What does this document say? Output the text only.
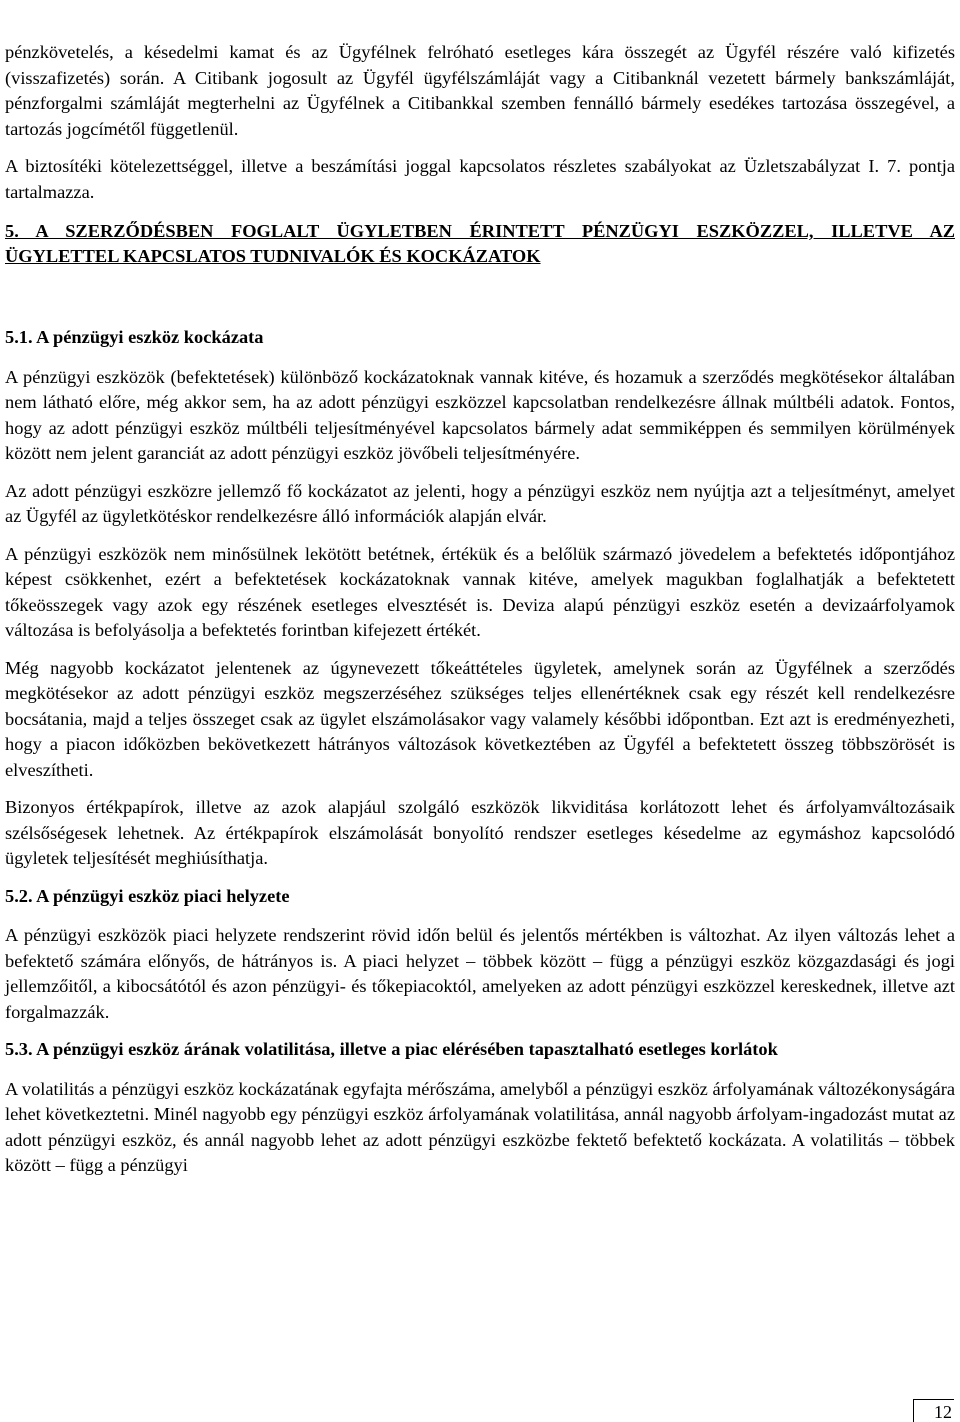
pénzkövetelés, a késedelmi kamat és az Ügyfélnek felróható esetleges kára összegét az Ügyfél részére való kifizetés (visszafizetés) során. A Citibank jogosult az Ügyfél ügyfélszámláját vagy a Citibanknál vezetett bármely bankszámláját, pénzforgalmi számláját megterhelni az Ügyfélnek a Citibankkal szemben fennálló bármely esedékes tartozása összegével, a tartozás jogcímétől függetlenül.

A biztosítéki kötelezettséggel, illetve a beszámítási joggal kapcsolatos részletes szabályokat az Üzletszabályzat I. 7. pontja tartalmazza.

5. A SZERZŐDÉSBEN FOGLALT ÜGYLETBEN ÉRINTETT PÉNZÜGYI ESZKÖZZEL, ILLETVE AZ ÜGYLETTEL KAPCSLATOS TUDNIVALÓK ÉS KOCKÁZATOK
5.1. A pénzügyi eszköz kockázata

A pénzügyi eszközök (befektetések) különböző kockázatoknak vannak kitéve, és hozamuk a szerződés megkötésekor általában nem látható előre, még akkor sem, ha az adott pénzügyi eszközzel kapcsolatban rendelkezésre állnak múltbéli adatok. Fontos, hogy az adott pénzügyi eszköz múltbéli teljesítményével kapcsolatos bármely adat semmiképpen és semmilyen körülmények között nem jelent garanciát az adott pénzügyi eszköz jövőbeli teljesítményére.

Az adott pénzügyi eszközre jellemző fő kockázatot az jelenti, hogy a pénzügyi eszköz nem nyújtja azt a teljesítményt, amelyet az Ügyfél az ügyletkötéskor rendelkezésre álló információk alapján elvár.

A pénzügyi eszközök nem minősülnek lekötött betétnek, értékük és a belőlük származó jövedelem a befektetés időpontjához képest csökkenhet, ezért a befektetések kockázatoknak vannak kitéve, amelyek magukban foglalhatják a befektetett tőkeösszegek vagy azok egy részének esetleges elvesztését is. Deviza alapú pénzügyi eszköz esetén a devizaárfolyamok változása is befolyásolja a befektetés forintban kifejezett értékét.

Még nagyobb kockázatot jelentenek az úgynevezett tőkeáttételes ügyletek, amelynek során az Ügyfélnek a szerződés megkötésekor az adott pénzügyi eszköz megszerzéséhez szükséges teljes ellenértéknek csak egy részét kell rendelkezésre bocsátania, majd a teljes összeget csak az ügylet elszámolásakor vagy valamely későbbi időpontban. Ezt azt is eredményezheti, hogy a piacon időközben bekövetkezett hátrányos változások következtében az Ügyfél a befektetett összeg többszörösét is elveszítheti.

Bizonyos értékpapírok, illetve az azok alapjául szolgáló eszközök likviditása korlátozott lehet és árfolyamváltozásaik szélsőségesek lehetnek. Az értékpapírok elszámolását bonyolító rendszer esetleges késedelme az egymáshoz kapcsolódó ügyletek teljesítését meghiúsíthatja.

5.2. A pénzügyi eszköz piaci helyzete

A pénzügyi eszközök piaci helyzete rendszerint rövid időn belül és jelentős mértékben is változhat. Az ilyen változás lehet a befektető számára előnyős, de hátrányos is. A piaci helyzet – többek között – függ a pénzügyi eszköz közgazdasági és jogi jellemzőitől, a kibocsátótól és azon pénzügyi- és tőkepiacoktól, amelyeken az adott pénzügyi eszközzel kereskednek, illetve azt forgalmazzák.

5.3. A pénzügyi eszköz árának volatilitása, illetve a piac elérésében tapasztalható esetleges korlátok

A volatilitás a pénzügyi eszköz kockázatának egyfajta mérőszáma, amelyből a pénzügyi eszköz árfolyamának változékonyságára lehet következtetni. Minél nagyobb egy pénzügyi eszköz árfolyamának volatilitása, annál nagyobb árfolyam-ingadozást mutat az adott pénzügyi eszköz, és annál nagyobb lehet az adott pénzügyi eszközbe fektető befektető kockázata. A volatilitás – többek között – függ a pénzügyi

12
